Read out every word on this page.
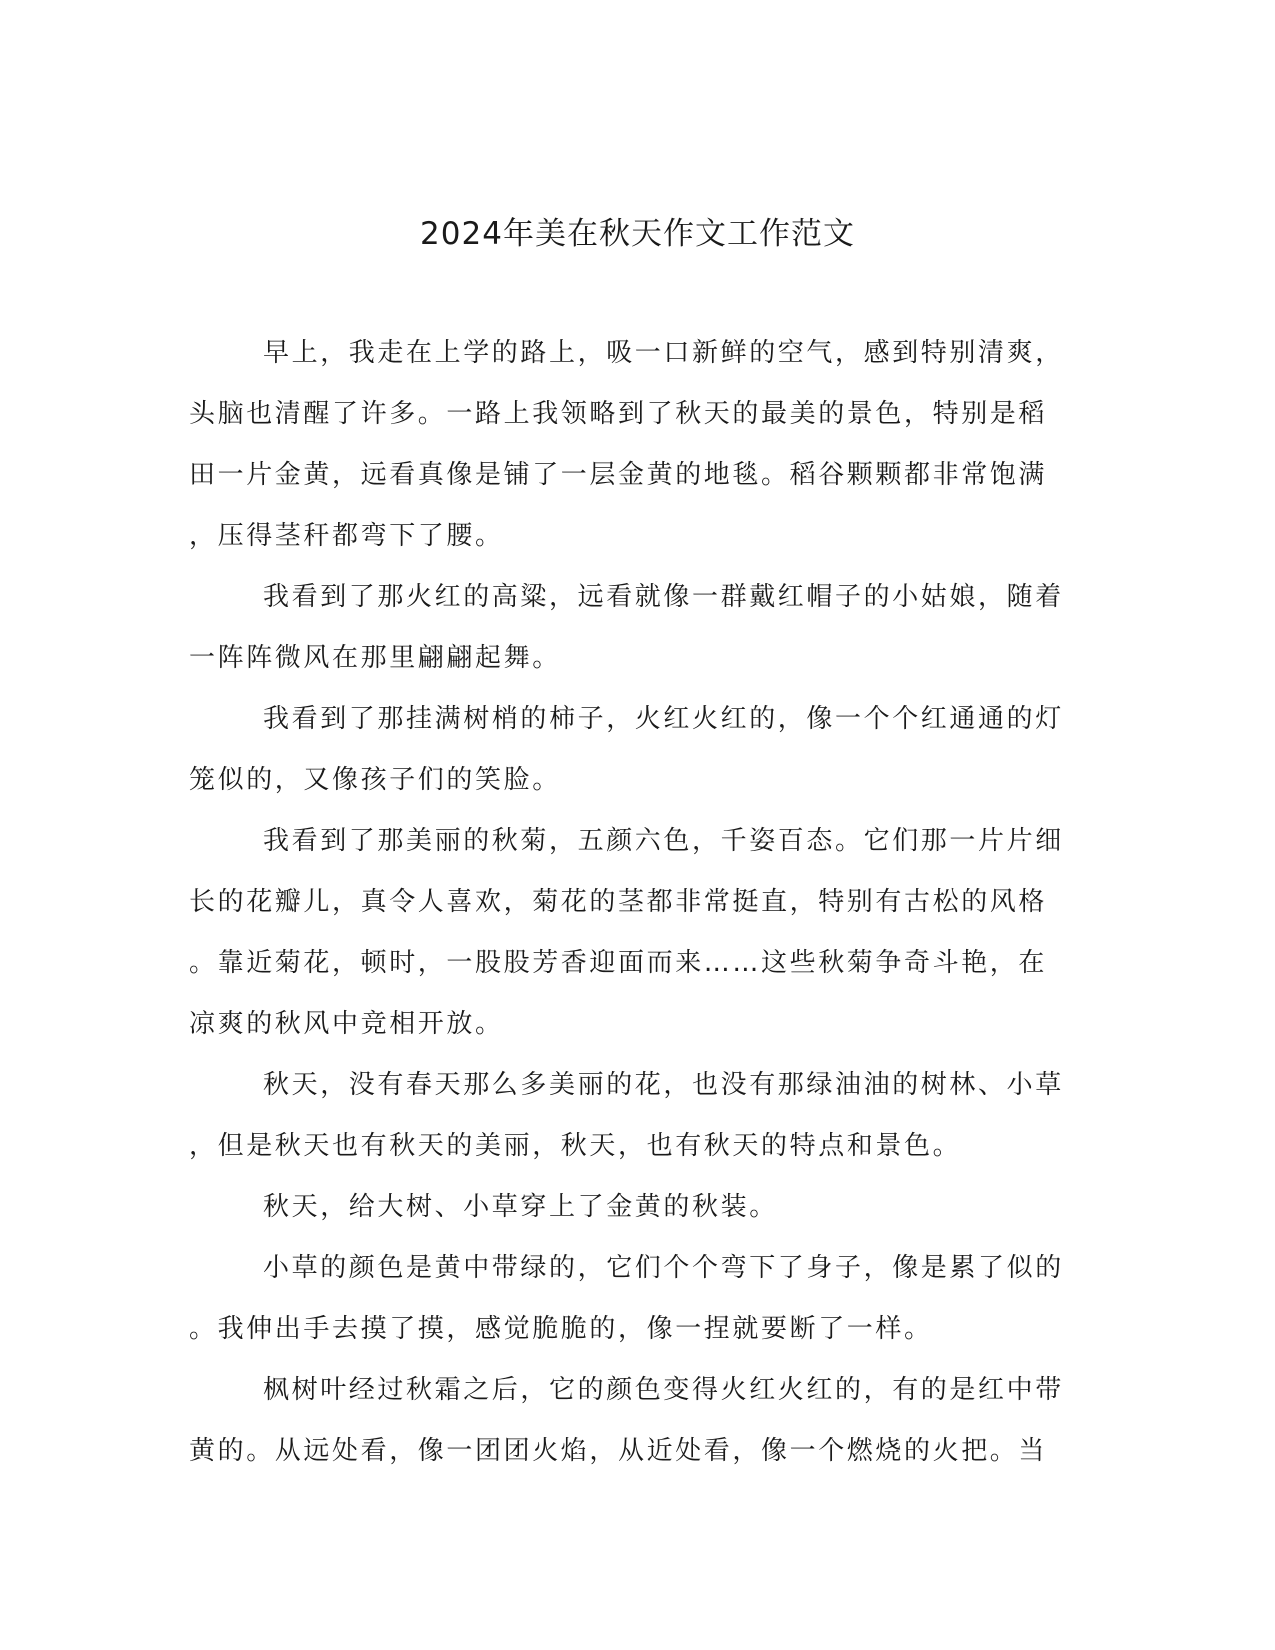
2024年美在秋天作文工作范文
早上，我走在上学的路上，吸一口新鲜的空气，感到特别清爽，
头脑也清醒了许多。一路上我领略到了秋天的最美的景色，特别是稻
田一片金黄，远看真像是铺了一层金黄的地毯。稻谷颗颗都非常饱满
，压得茎秆都弯下了腰。
我看到了那火红的高粱，远看就像一群戴红帽子的小姑娘，随着
一阵阵微风在那里翩翩起舞。
我看到了那挂满树梢的柿子，火红火红的，像一个个红通通的灯
笼似的，又像孩子们的笑脸。
我看到了那美丽的秋菊，五颜六色，千姿百态。它们那一片片细
长的花瓣儿，真令人喜欢，菊花的茎都非常挺直，特别有古松的风格
。靠近菊花，顿时，一股股芳香迎面而来……这些秋菊争奇斗艳，在
凉爽的秋风中竞相开放。
秋天，没有春天那么多美丽的花，也没有那绿油油的树林、小草
，但是秋天也有秋天的美丽，秋天，也有秋天的特点和景色。
秋天，给大树、小草穿上了金黄的秋装。
小草的颜色是黄中带绿的，它们个个弯下了身子，像是累了似的
。我伸出手去摸了摸，感觉脆脆的，像一捏就要断了一样。
枫树叶经过秋霜之后，它的颜色变得火红火红的，有的是红中带
黄的。从远处看，像一团团火焰，从近处看，像一个燃烧的火把。当
